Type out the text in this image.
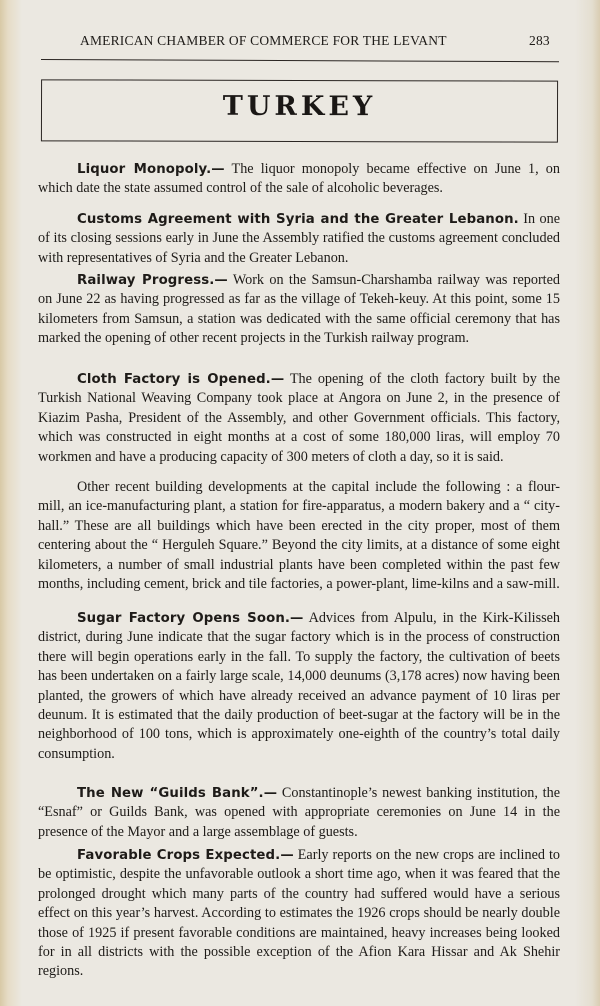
AMERICAN CHAMBER OF COMMERCE FOR THE LEVANT	283
TURKEY

Liquor Monopoly.— The liquor monopoly became effective on June 1, on which date the state assumed control of the sale of alcoholic beverages.

Customs Agreement with Syria and the Greater Lebanon. In one of its closing sessions early in June the Assembly ratified the customs agreement concluded with representatives of Syria and the Greater Lebanon.

Railway Progress.— Work on the Samsun-Charshamba railway was reported on June 22 as having progressed as far as the village of Tekeh-keuy. At this point, some 15 kilometers from Samsun, a station was dedicated with the same official ceremony that has marked the opening of other recent projects in the Turkish railway program.

Cloth Factory is Opened.— The opening of the cloth factory built by the Turkish National Weaving Company took place at Angora on June 2, in the presence of Kiazim Pasha, President of the Assembly, and other Government officials. This factory, which was constructed in eight months at a cost of some 180,000 liras, will employ 70 workmen and have a producing capacity of 300 meters of cloth a day, so it is said.

Other recent building developments at the capital include the following : a flour-mill, an ice-manufacturing plant, a station for fire-apparatus, a modern bakery and a “ city-hall.” These are all buildings which have been erected in the city proper, most of them centering about the “ Herguleh Square.” Beyond the city limits, at a distance of some eight kilometers, a number of small industrial plants have been completed within the past few months, including cement, brick and tile factories, a power-plant, lime-kilns and a saw-mill.

Sugar Factory Opens Soon.— Advices from Alpulu, in the Kirk-Kilisseh district, during June indicate that the sugar factory which is in the process of construction there will begin operations early in the fall. To supply the factory, the cultivation of beets has been undertaken on a fairly large scale, 14,000 deunums (3,178 acres) now having been planted, the growers of which have already received an advance payment of 10 liras per deunum. It is estimated that the daily production of beet-sugar at the factory will be in the neighborhood of 100 tons, which is approximately one-eighth of the country’s total daily consumption.

The New “Guilds Bank”.— Constantinople’s newest banking institution, the “Esnaf” or Guilds Bank, was opened with appropriate ceremonies on June 14 in the presence of the Mayor and a large assemblage of guests.

Favorable Crops Expected.— Early reports on the new crops are inclined to be optimistic, despite the unfavorable outlook a short time ago, when it was feared that the prolonged drought which many parts of the country had suffered would have a serious effect on this year’s harvest. According to estimates the 1926 crops should be nearly double those of 1925 if present favorable conditions are maintained, heavy increases being looked for in all districts with the possible exception of the Afion Kara Hissar and Ak Shehir regions.
